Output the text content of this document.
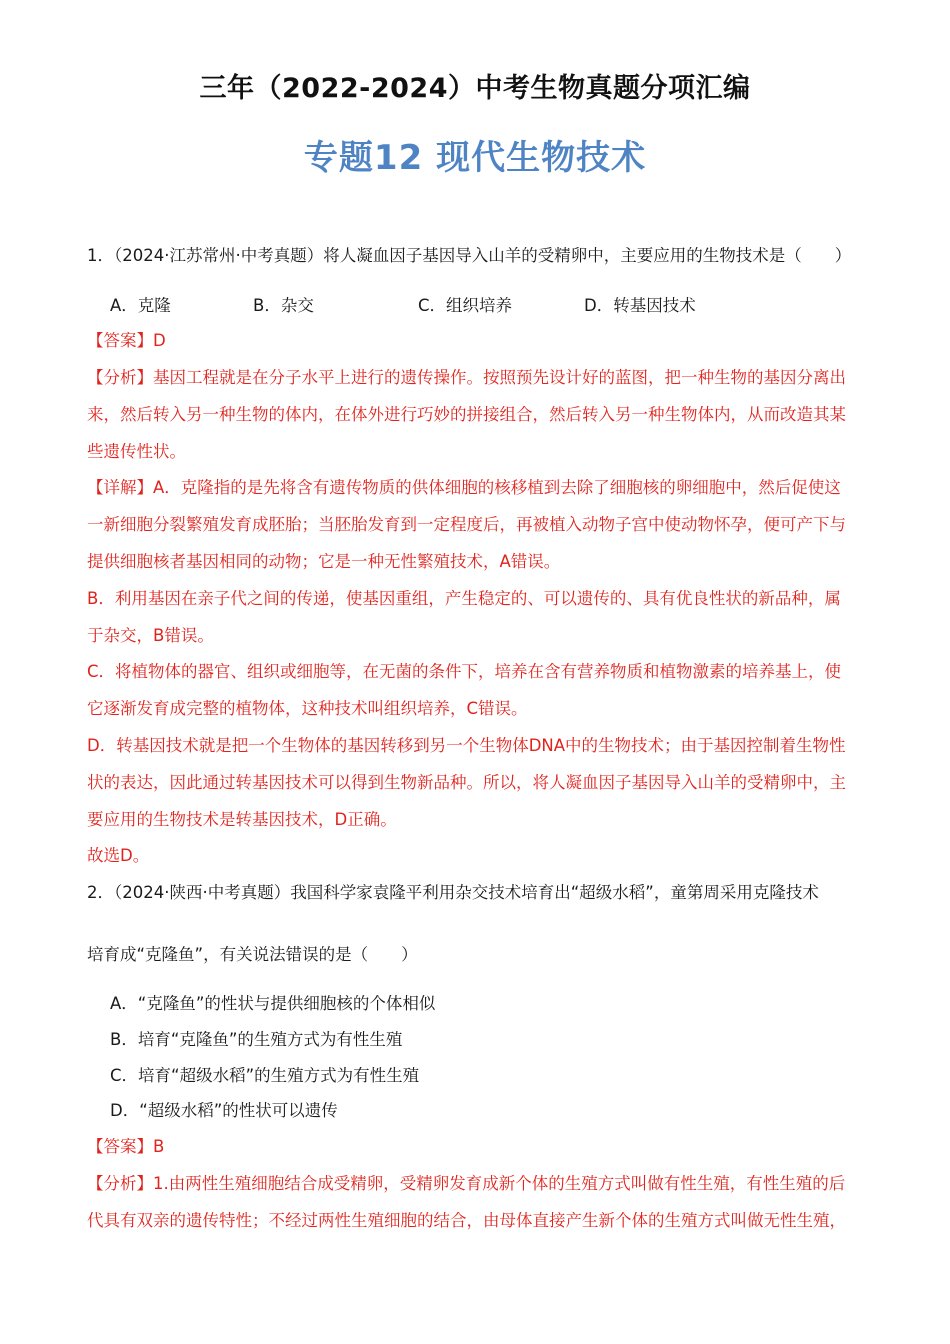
三年（2022-2024）中考生物真题分项汇编
专题12 现代生物技术
1．（2024·江苏常州·中考真题）将人凝血因子基因导入山羊的受精卵中，主要应用的生物技术是（　　）
A．克隆	B．杂交	C．组织培养	D．转基因技术
【答案】D
【分析】基因工程就是在分子水平上进行的遗传操作。按照预先设计好的蓝图，把一种生物的基因分离出
来，然后转入另一种生物的体内，在体外进行巧妙的拼接组合，然后转入另一种生物体内，从而改造其某
些遗传性状。
【详解】A．克隆指的是先将含有遗传物质的供体细胞的核移植到去除了细胞核的卵细胞中，然后促使这
一新细胞分裂繁殖发育成胚胎；当胚胎发育到一定程度后，再被植入动物子宫中使动物怀孕，便可产下与
提供细胞核者基因相同的动物；它是一种无性繁殖技术，A错误。
B．利用基因在亲子代之间的传递，使基因重组，产生稳定的、可以遗传的、具有优良性状的新品种，属
于杂交，B错误。
C．将植物体的器官、组织或细胞等，在无菌的条件下，培养在含有营养物质和植物激素的培养基上，使
它逐渐发育成完整的植物体，这种技术叫组织培养，C错误。
D．转基因技术就是把一个生物体的基因转移到另一个生物体DNA中的生物技术；由于基因控制着生物性
状的表达，因此通过转基因技术可以得到生物新品种。所以，将人凝血因子基因导入山羊的受精卵中，主
要应用的生物技术是转基因技术，D正确。
故选D。
2．（2024·陕西·中考真题）我国科学家袁隆平利用杂交技术培育出“超级水稻”，童第周采用克隆技术
培育成“克隆鱼”，有关说法错误的是（　　）
A．“克隆鱼”的性状与提供细胞核的个体相似
B．培育“克隆鱼”的生殖方式为有性生殖
C．培育“超级水稻”的生殖方式为有性生殖
D．“超级水稻”的性状可以遗传
【答案】B
【分析】1.由两性生殖细胞结合成受精卵，受精卵发育成新个体的生殖方式叫做有性生殖，有性生殖的后
代具有双亲的遗传特性；不经过两性生殖细胞的结合，由母体直接产生新个体的生殖方式叫做无性生殖，
